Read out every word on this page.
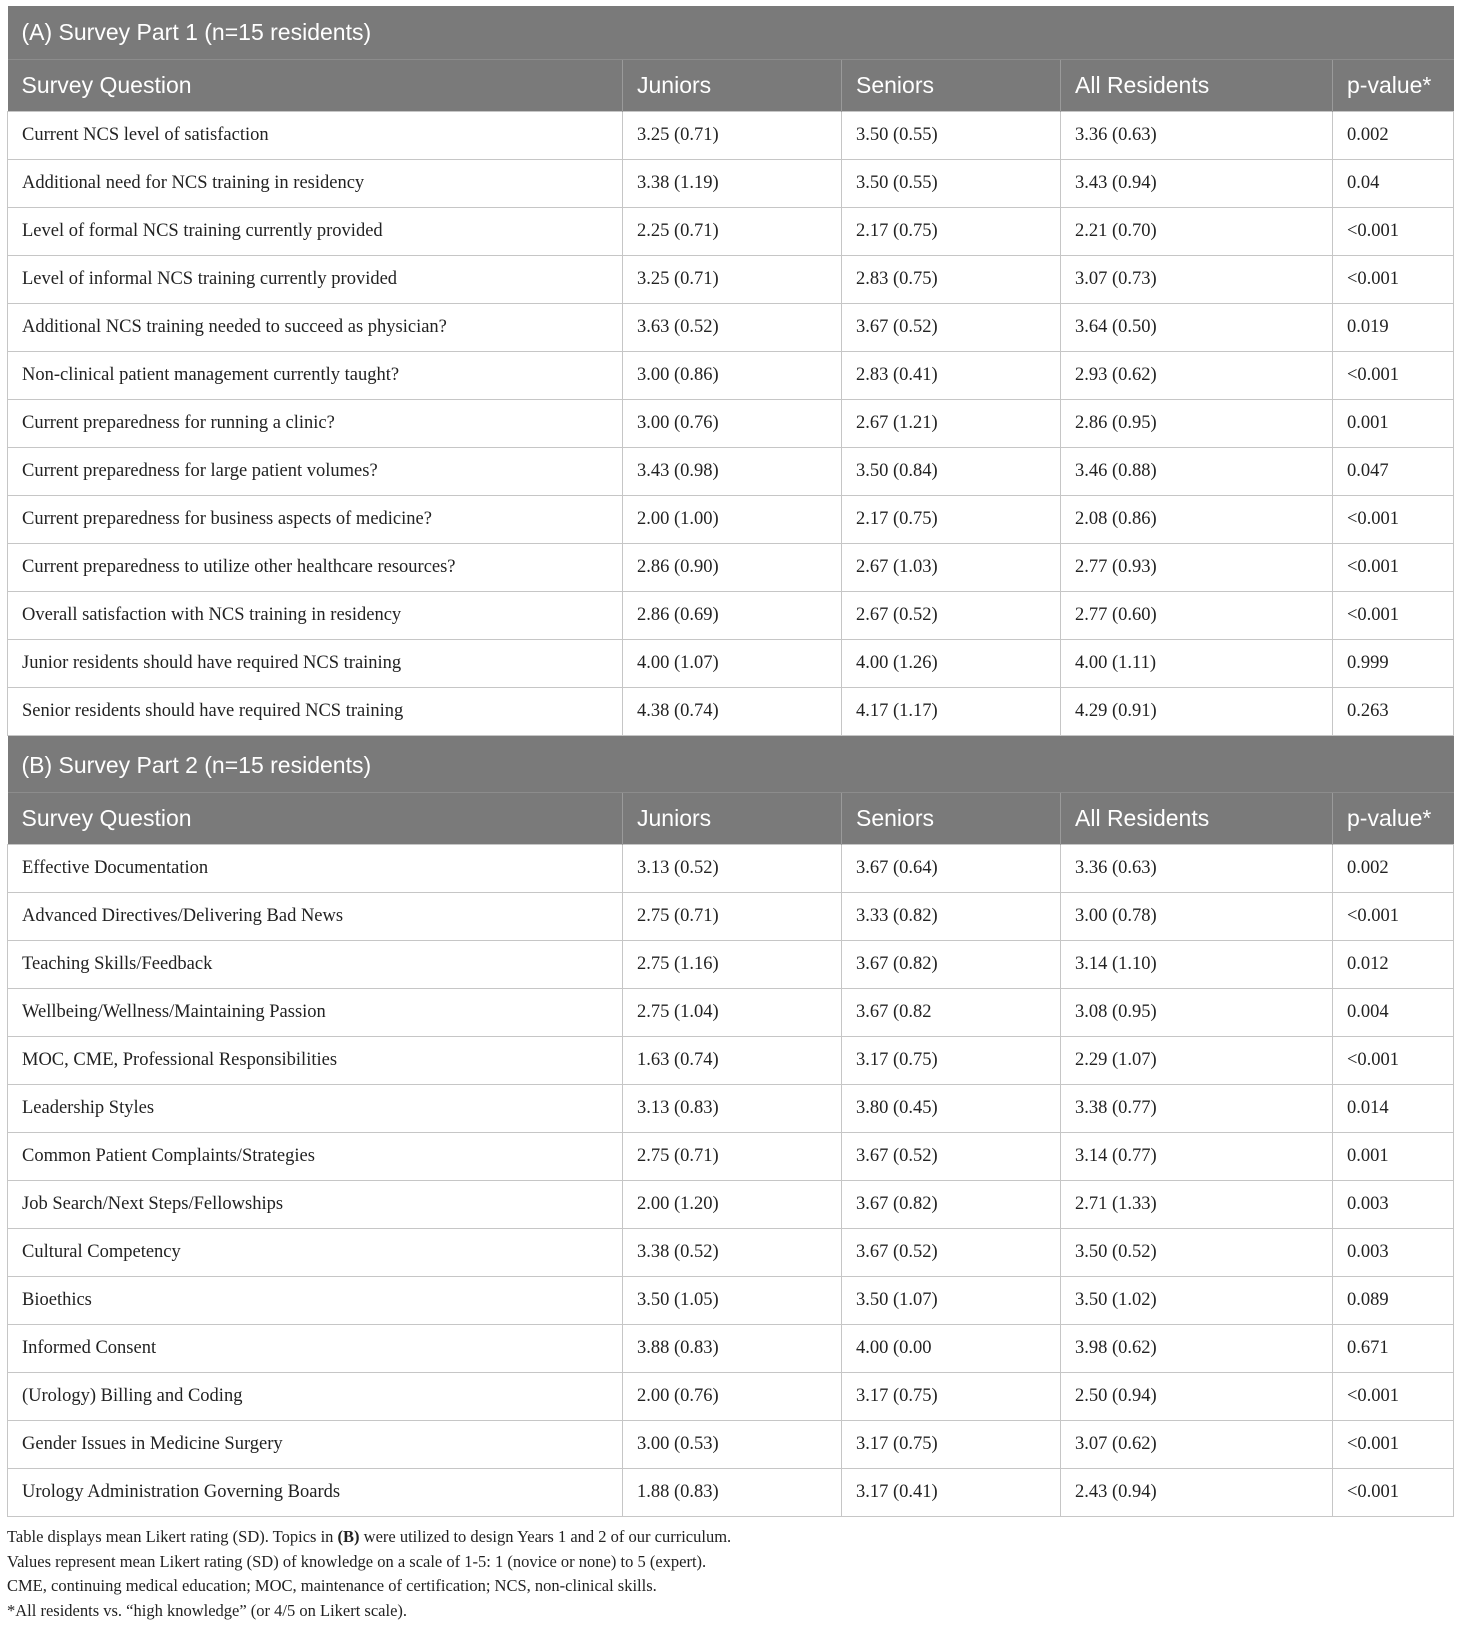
(A) Survey Part 1 (n=15 residents)				
Survey Question	Juniors	Seniors	All Residents	p-value*
Current NCS level of satisfaction	3.25 (0.71)	3.50 (0.55)	3.36 (0.63)	0.002
Additional need for NCS training in residency	3.38 (1.19)	3.50 (0.55)	3.43 (0.94)	0.04
Level of formal NCS training currently provided	2.25 (0.71)	2.17 (0.75)	2.21 (0.70)	<0.001
Level of informal NCS training currently provided	3.25 (0.71)	2.83 (0.75)	3.07 (0.73)	<0.001
Additional NCS training needed to succeed as physician?	3.63 (0.52)	3.67 (0.52)	3.64 (0.50)	0.019
Non-clinical patient management currently taught?	3.00 (0.86)	2.83 (0.41)	2.93 (0.62)	<0.001
Current preparedness for running a clinic?	3.00 (0.76)	2.67 (1.21)	2.86 (0.95)	0.001
Current preparedness for large patient volumes?	3.43 (0.98)	3.50 (0.84)	3.46 (0.88)	0.047
Current preparedness for business aspects of medicine?	2.00 (1.00)	2.17 (0.75)	2.08 (0.86)	<0.001
Current preparedness to utilize other healthcare resources?	2.86 (0.90)	2.67 (1.03)	2.77 (0.93)	<0.001
Overall satisfaction with NCS training in residency	2.86 (0.69)	2.67 (0.52)	2.77 (0.60)	<0.001
Junior residents should have required NCS training	4.00 (1.07)	4.00 (1.26)	4.00 (1.11)	0.999
Senior residents should have required NCS training	4.38 (0.74)	4.17 (1.17)	4.29 (0.91)	0.263

(B) Survey Part 2 (n=15 residents)				
Survey Question	Juniors	Seniors	All Residents	p-value*
Effective Documentation	3.13 (0.52)	3.67 (0.64)	3.36 (0.63)	0.002
Advanced Directives/Delivering Bad News	2.75 (0.71)	3.33 (0.82)	3.00 (0.78)	<0.001
Teaching Skills/Feedback	2.75 (1.16)	3.67 (0.82)	3.14 (1.10)	0.012
Wellbeing/Wellness/Maintaining Passion	2.75 (1.04)	3.67 (0.82	3.08 (0.95)	0.004
MOC, CME, Professional Responsibilities	1.63 (0.74)	3.17 (0.75)	2.29 (1.07)	<0.001
Leadership Styles	3.13 (0.83)	3.80 (0.45)	3.38 (0.77)	0.014
Common Patient Complaints/Strategies	2.75 (0.71)	3.67 (0.52)	3.14 (0.77)	0.001
Job Search/Next Steps/Fellowships	2.00 (1.20)	3.67 (0.82)	2.71 (1.33)	0.003
Cultural Competency	3.38 (0.52)	3.67 (0.52)	3.50 (0.52)	0.003
Bioethics	3.50 (1.05)	3.50 (1.07)	3.50 (1.02)	0.089
Informed Consent	3.88 (0.83)	4.00 (0.00	3.98 (0.62)	0.671
(Urology) Billing and Coding	2.00 (0.76)	3.17 (0.75)	2.50 (0.94)	<0.001
Gender Issues in Medicine Surgery	3.00 (0.53)	3.17 (0.75)	3.07 (0.62)	<0.001
Urology Administration Governing Boards	1.88 (0.83)	3.17 (0.41)	2.43 (0.94)	<0.001

Table displays mean Likert rating (SD). Topics in (B) were utilized to design Years 1 and 2 of our curriculum.

Values represent mean Likert rating (SD) of knowledge on a scale of 1-5: 1 (novice or none) to 5 (expert).

CME, continuing medical education; MOC, maintenance of certification; NCS, non-clinical skills.

*All residents vs. “high knowledge” (or 4/5 on Likert scale).
